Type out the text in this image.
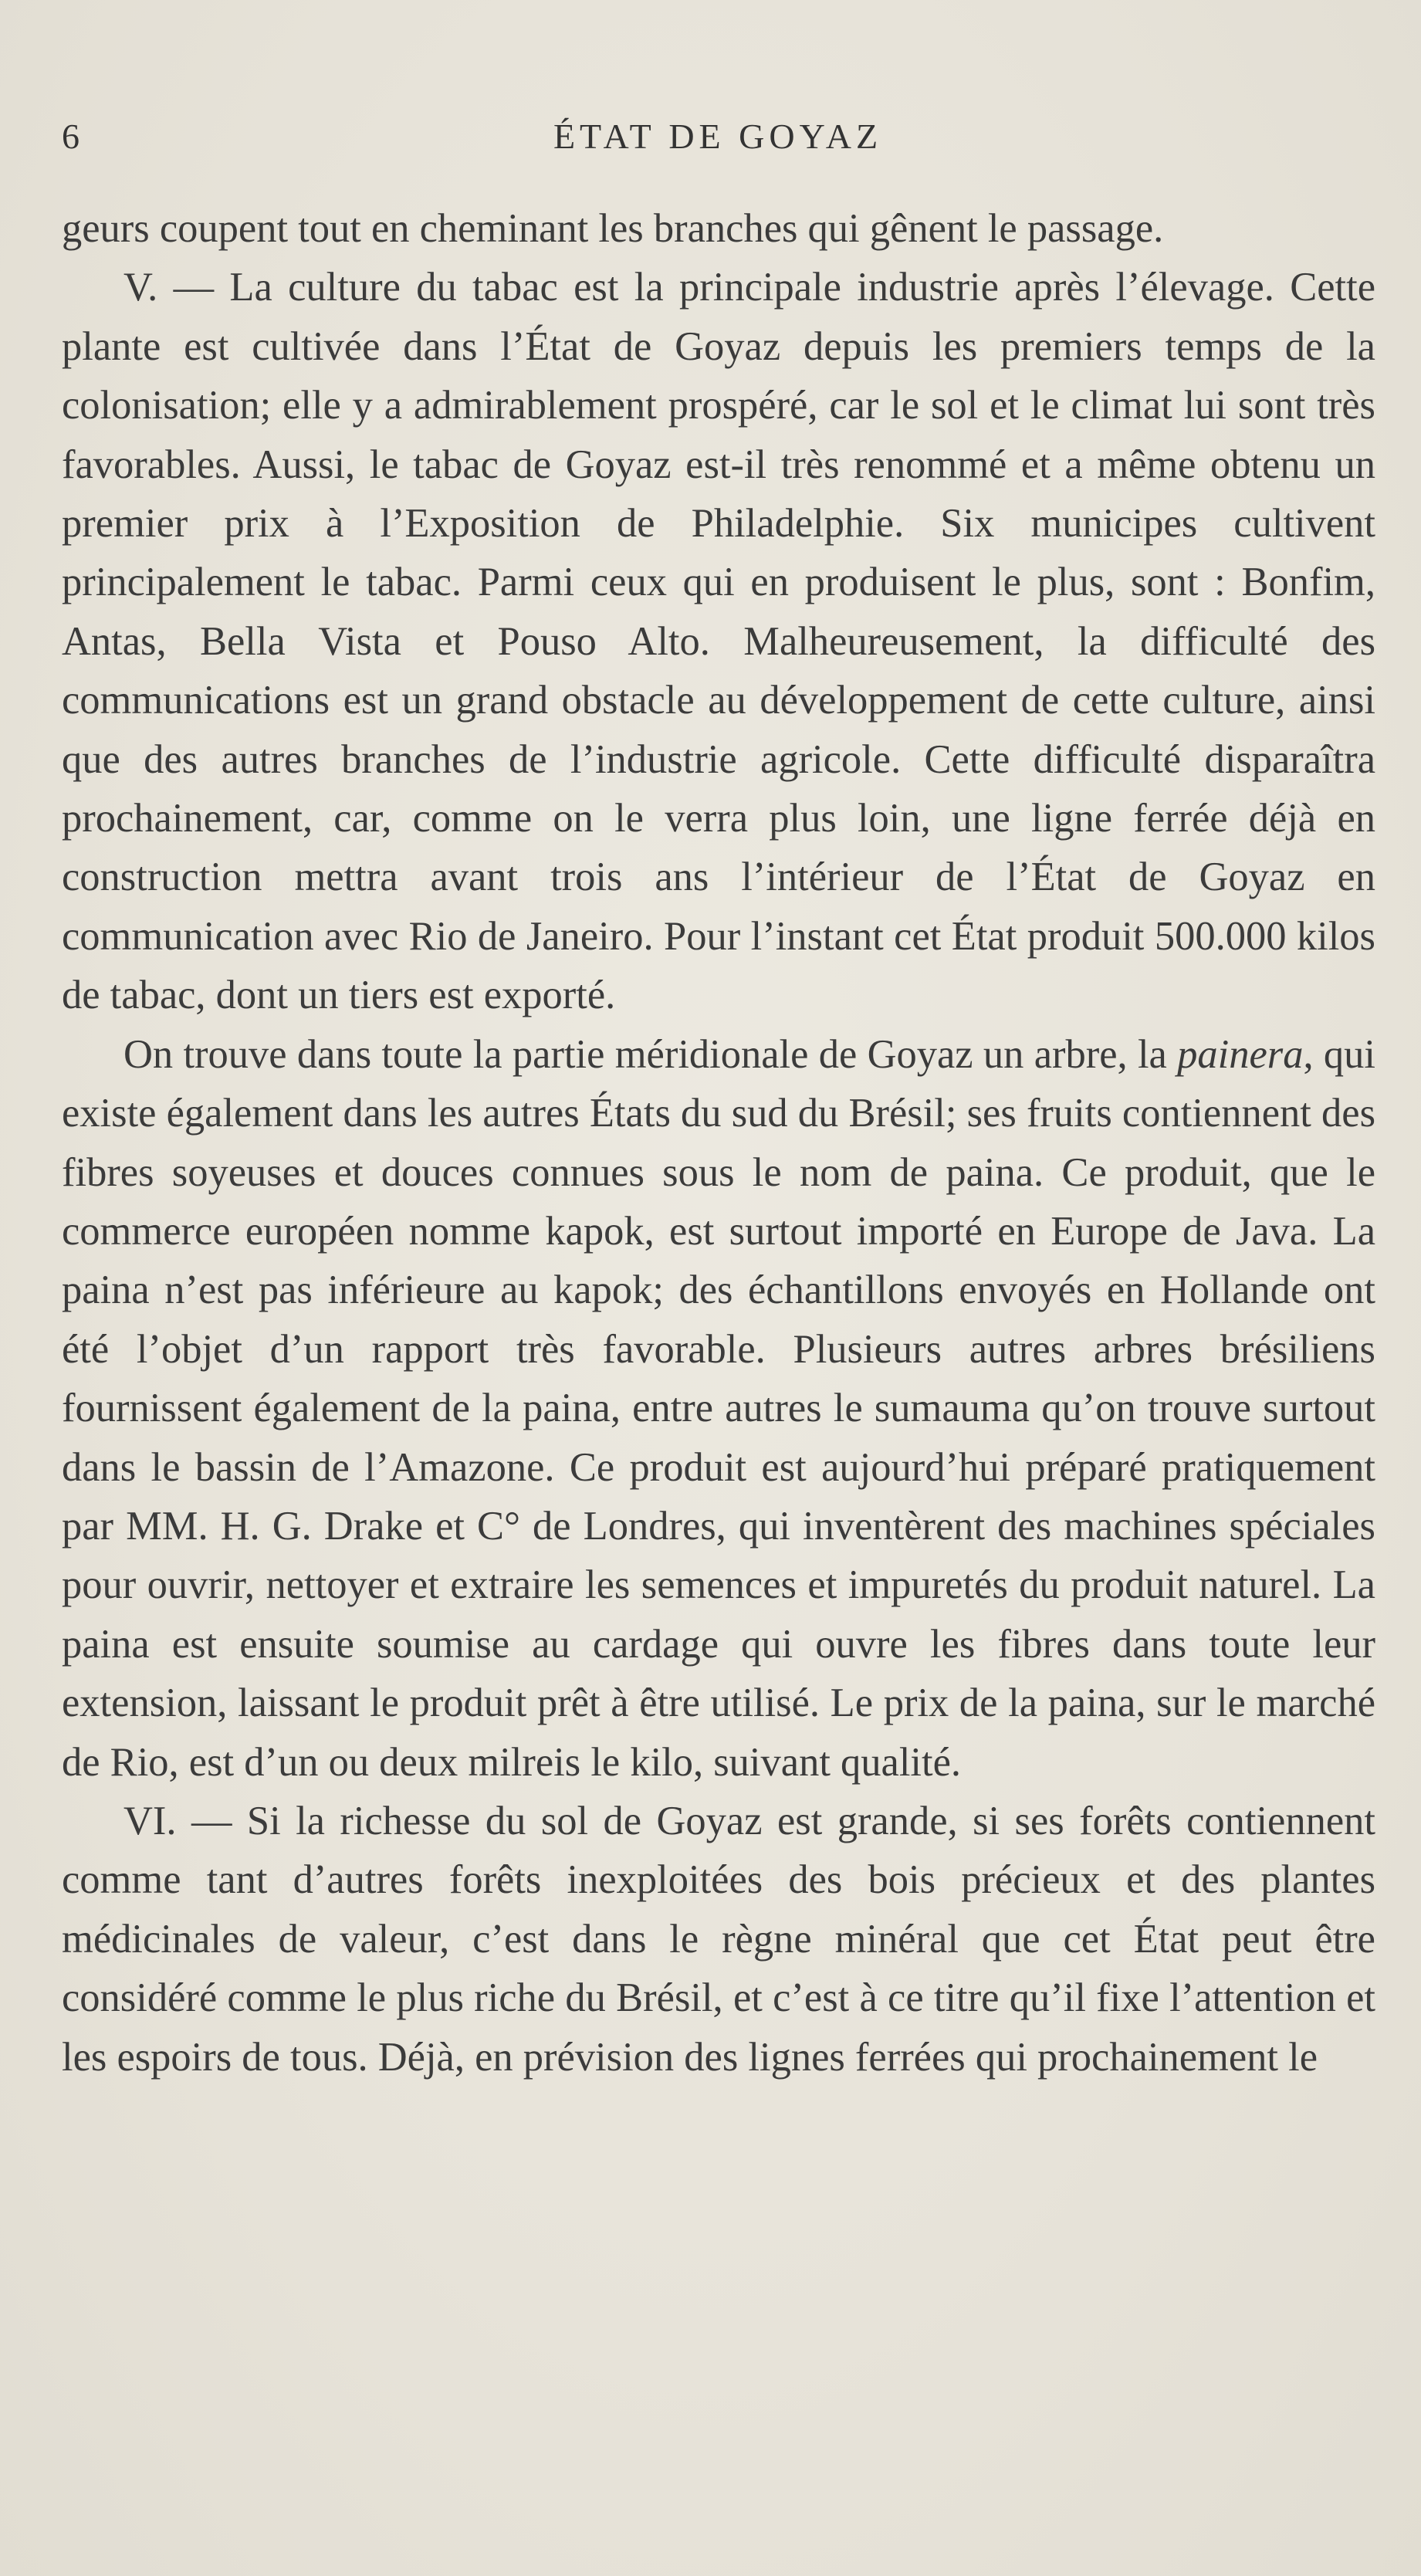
6	ÉTAT DE GOYAZ

geurs coupent tout en cheminant les branches qui gênent le passage.

V. — La culture du tabac est la principale industrie après l’élevage. Cette plante est cultivée dans l’État de Goyaz depuis les premiers temps de la colonisation; elle y a admirablement prospéré, car le sol et le climat lui sont très favorables. Aussi, le tabac de Goyaz est-il très renommé et a même obtenu un premier prix à l’Exposition de Philadelphie. Six municipes cultivent principalement le tabac. Parmi ceux qui en produisent le plus, sont : Bonfim, Antas, Bella Vista et Pouso Alto. Malheureusement, la difficulté des communications est un grand obstacle au développement de cette culture, ainsi que des autres branches de l’industrie agricole. Cette difficulté disparaîtra prochainement, car, comme on le verra plus loin, une ligne ferrée déjà en construction mettra avant trois ans l’intérieur de l’État de Goyaz en communication avec Rio de Janeiro. Pour l’instant cet État produit 500.000 kilos de tabac, dont un tiers est exporté.

On trouve dans toute la partie méridionale de Goyaz un arbre, la painera, qui existe également dans les autres États du sud du Brésil; ses fruits contiennent des fibres soyeuses et douces connues sous le nom de paina. Ce produit, que le commerce européen nomme kapok, est surtout importé en Europe de Java. La paina n’est pas inférieure au kapok; des échantillons envoyés en Hollande ont été l’objet d’un rapport très favorable. Plusieurs autres arbres brésiliens fournissent également de la paina, entre autres le sumauma qu’on trouve surtout dans le bassin de l’Amazone. Ce produit est aujourd’hui préparé pratiquement par MM. H. G. Drake et C° de Londres, qui inventèrent des machines spéciales pour ouvrir, nettoyer et extraire les semences et impuretés du produit naturel. La paina est ensuite soumise au cardage qui ouvre les fibres dans toute leur extension, laissant le produit prêt à être utilisé. Le prix de la paina, sur le marché de Rio, est d’un ou deux milreis le kilo, suivant qualité.

VI. — Si la richesse du sol de Goyaz est grande, si ses forêts contiennent comme tant d’autres forêts inexploitées des bois précieux et des plantes médicinales de valeur, c’est dans le règne minéral que cet État peut être considéré comme le plus riche du Brésil, et c’est à ce titre qu’il fixe l’attention et les espoirs de tous. Déjà, en prévision des lignes ferrées qui prochainement le
